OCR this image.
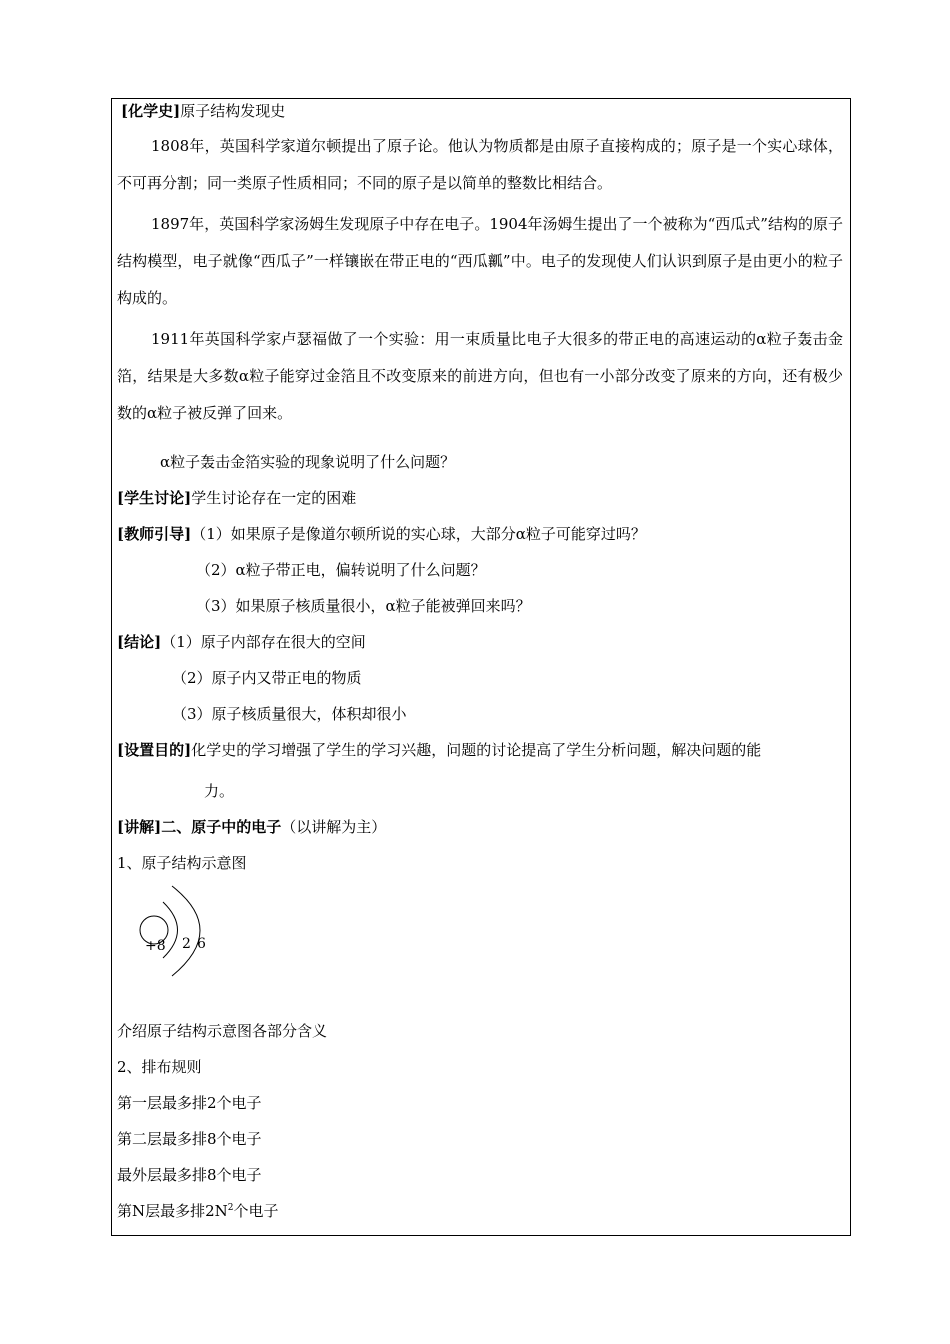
[化学史]原子结构发现史
1808年，英国科学家道尔顿提出了原子论。他认为物质都是由原子直接构成的；原子是一个实心球体，不可再分割；同一类原子性质相同；不同的原子是以简单的整数比相结合。
1897年，英国科学家汤姆生发现原子中存在电子。1904年汤姆生提出了一个被称为“西瓜式”结构的原子结构模型，电子就像“西瓜子”一样镶嵌在带正电的“西瓜瓤”中。电子的发现使人们认识到原子是由更小的粒子构成的。
1911年英国科学家卢瑟福做了一个实验：用一束质量比电子大很多的带正电的高速运动的α粒子轰击金箔，结果是大多数α粒子能穿过金箔且不改变原来的前进方向，但也有一小部分改变了原来的方向，还有极少数的α粒子被反弹了回来。
α粒子轰击金箔实验的现象说明了什么问题？
[学生讨论]学生讨论存在一定的困难
[教师引导]（1）如果原子是像道尔顿所说的实心球，大部分α粒子可能穿过吗？
（2）α粒子带正电，偏转说明了什么问题？
（3）如果原子核质量很小，α粒子能被弹回来吗？
[结论]（1）原子内部存在很大的空间
（2）原子内又带正电的物质
（3）原子核质量很大，体积却很小
[设置目的]化学史的学习增强了学生的学习兴趣，问题的讨论提高了学生分析问题，解决问题的能
力。
[讲解]二、原子中的电子（以讲解为主）
1、原子结构示意图
+8 2 6
介绍原子结构示意图各部分含义
2、排布规则
第一层最多排2个电子
第二层最多排8个电子
最外层最多排8个电子
第N层最多排$2N^2$个电子
